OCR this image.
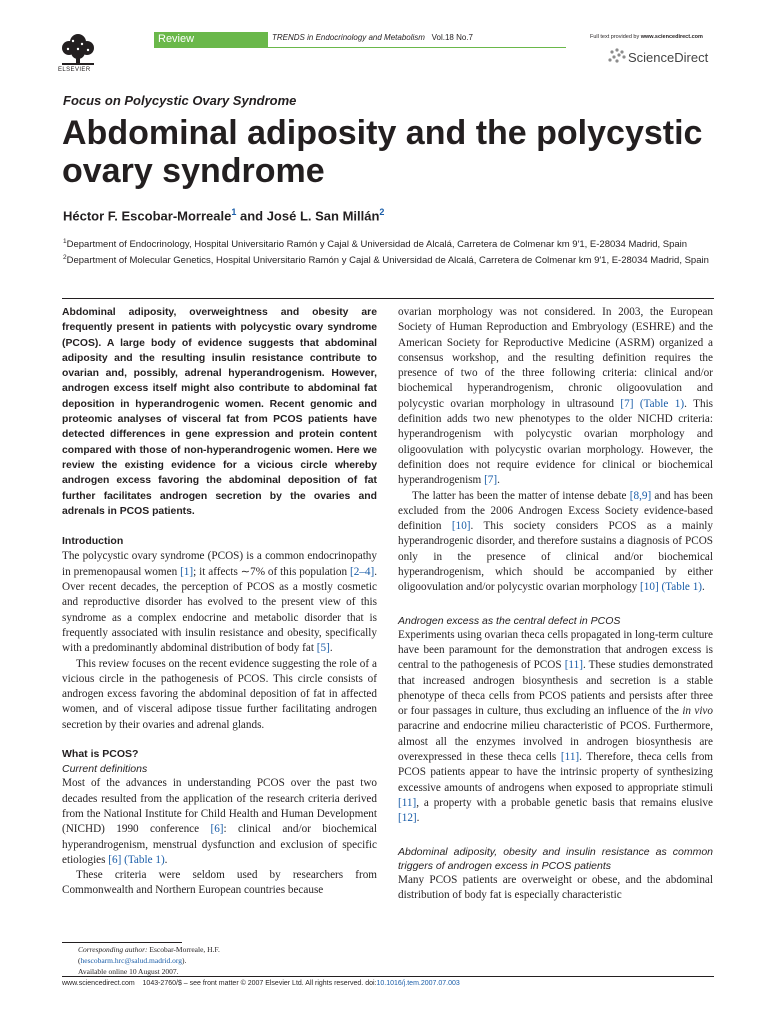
ELSEVIER
Review	TRENDS in Endocrinology and Metabolism Vol.18 No.7	Full text provided by www.sciencedirect.com
ScienceDirect
Focus on Polycystic Ovary Syndrome
Abdominal adiposity and the polycystic ovary syndrome
Héctor F. Escobar-Morreale$^1$ and José L. San Millán$^2$

$^1$Department of Endocrinology, Hospital Universitario Ramón y Cajal & Universidad de Alcalá, Carretera de Colmenar km 9′1, E-28034 Madrid, Spain

$^2$Department of Molecular Genetics, Hospital Universitario Ramón y Cajal & Universidad de Alcalá, Carretera de Colmenar km 9′1, E-28034 Madrid, Spain

Abdominal adiposity, overweightness and obesity are frequently present in patients with polycystic ovary syndrome (PCOS). A large body of evidence suggests that abdominal adiposity and the resulting insulin resistance contribute to ovarian and, possibly, adrenal hyperandrogenism. However, androgen excess itself might also contribute to abdominal fat deposition in hyperandrogenic women. Recent genomic and proteomic analyses of visceral fat from PCOS patients have detected differences in gene expression and protein content compared with those of non-hyperandrogenic women. Here we review the existing evidence for a vicious circle whereby androgen excess favoring the abdominal deposition of fat further facilitates androgen secretion by the ovaries and adrenals in PCOS patients.

Introduction

The polycystic ovary syndrome (PCOS) is a common endocrinopathy in premenopausal women [1]; it affects ∼7% of this population [2–4]. Over recent decades, the perception of PCOS as a mostly cosmetic and reproductive disorder has evolved to the present view of this syndrome as a complex endocrine and metabolic disorder that is frequently associated with insulin resistance and obesity, specifically with a predominantly abdominal distribution of body fat [5].

This review focuses on the recent evidence suggesting the role of a vicious circle in the pathogenesis of PCOS. This circle consists of androgen excess favoring the abdominal deposition of fat in affected women, and of visceral adipose tissue further facilitating androgen secretion by their ovaries and adrenal glands.

What is PCOS?

Current definitions

Most of the advances in understanding PCOS over the past two decades resulted from the application of the research criteria derived from the National Institute for Child Health and Human Development (NICHD) 1990 conference [6]: clinical and/or biochemical hyperandrogenism, menstrual dysfunction and exclusion of specific etiologies [6] (Table 1).

These criteria were seldom used by researchers from Commonwealth and Northern European countries because

ovarian morphology was not considered. In 2003, the European Society of Human Reproduction and Embryology (ESHRE) and the American Society for Reproductive Medicine (ASRM) organized a consensus workshop, and the resulting definition requires the presence of two of the three following criteria: clinical and/or biochemical hyperandrogenism, chronic oligoovulation and polycystic ovarian morphology in ultrasound [7] (Table 1). This definition adds two new phenotypes to the older NICHD criteria: hyperandrogenism with polycystic ovarian morphology and oligoovulation with polycystic ovarian morphology. However, the definition does not require evidence for clinical or biochemical hyperandrogenism [7].

The latter has been the matter of intense debate [8,9] and has been excluded from the 2006 Androgen Excess Society evidence-based definition [10]. This society considers PCOS as a mainly hyperandrogenic disorder, and therefore sustains a diagnosis of PCOS only in the presence of clinical and/or biochemical hyperandrogenism, which should be accompanied by either oligoovulation and/or polycystic ovarian morphology [10] (Table 1).

Androgen excess as the central defect in PCOS

Experiments using ovarian theca cells propagated in long-term culture have been paramount for the demonstration that androgen excess is central to the pathogenesis of PCOS [11]. These studies demonstrated that increased androgen biosynthesis and secretion is a stable phenotype of theca cells from PCOS patients and persists after three or four passages in culture, thus excluding an influence of the in vivo paracrine and endocrine milieu characteristic of PCOS. Furthermore, almost all the enzymes involved in androgen biosynthesis are overexpressed in these theca cells [11]. Therefore, theca cells from PCOS patients appear to have the intrinsic property of synthesizing excessive amounts of androgens when exposed to appropriate stimuli [11], a property with a probable genetic basis that remains elusive [12].

Abdominal adiposity, obesity and insulin resistance as common triggers of androgen excess in PCOS patients

Many PCOS patients are overweight or obese, and the abdominal distribution of body fat is especially characteristic

Corresponding author: Escobar-Morreale, H.F.
(hescobarm.hrc@salud.madrid.org).
Available online 10 August 2007.
www.sciencedirect.com 1043-2760/$ – see front matter © 2007 Elsevier Ltd. All rights reserved. doi:10.1016/j.tem.2007.07.003
